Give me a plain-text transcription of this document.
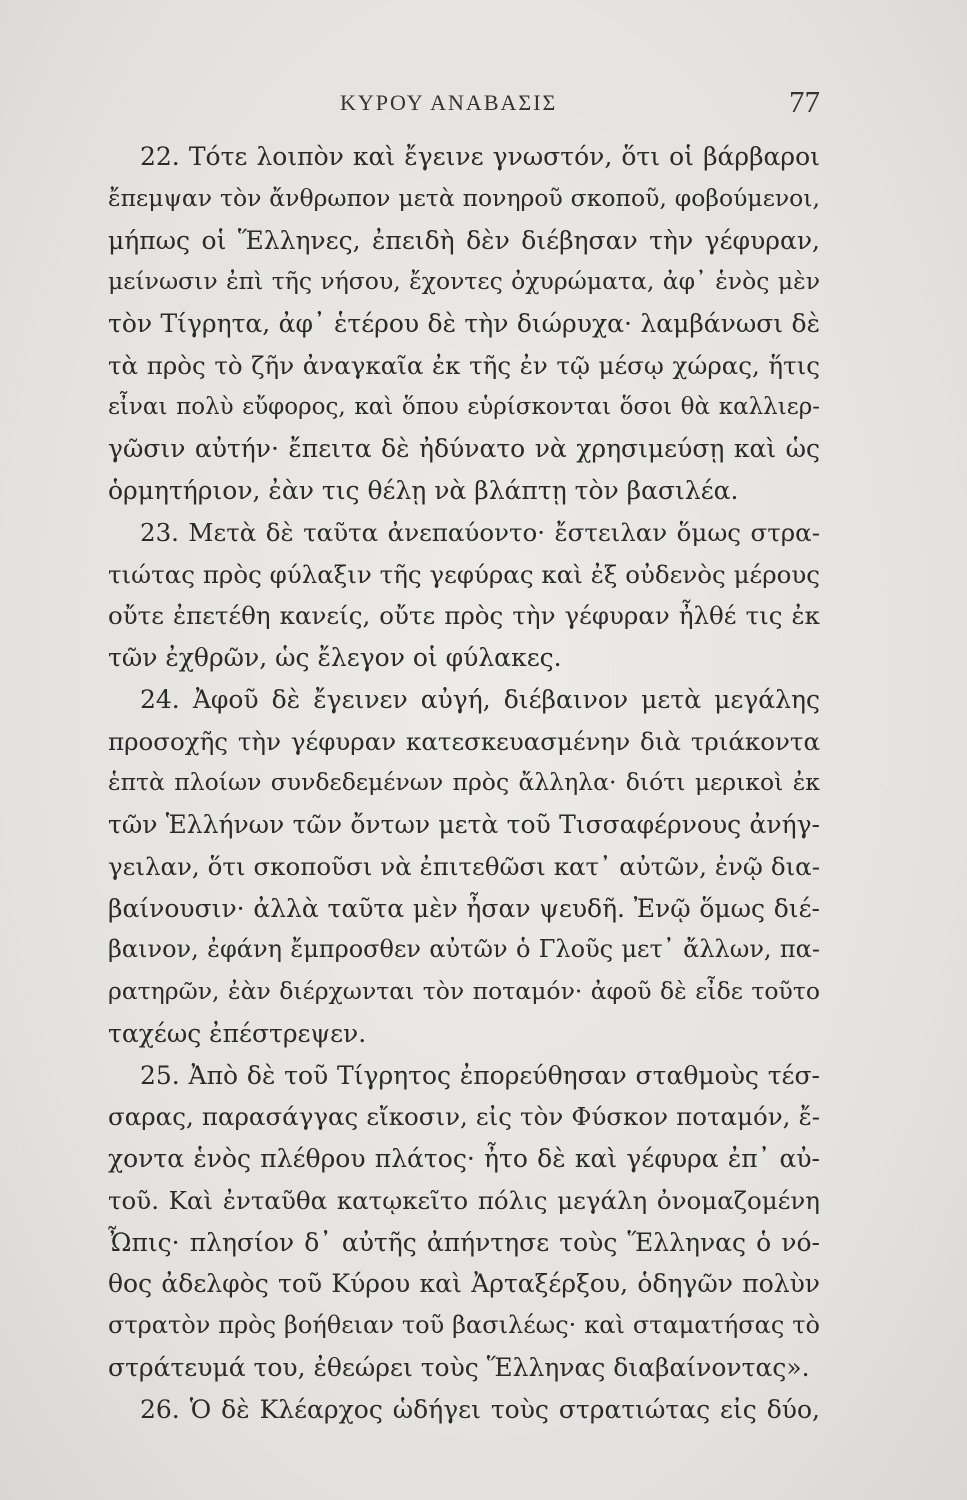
ΚΥΡΟΥ ΑΝΑΒΑΣΙΣ	77
22. Τότε λοιπὸν καὶ ἔγεινε γνωστόν, ὅτι οἱ βάρβαροι
ἔπεμψαν τὸν ἄνθρωπον μετὰ πονηροῦ σκοποῦ, φοβούμενοι,
μήπως οἱ Ἕλληνες, ἐπειδὴ δὲν διέβησαν τὴν γέφυραν,
μείνωσιν ἐπὶ τῆς νήσου, ἔχοντες ὀχυρώματα, ἀφ᾽ ἑνὸς μὲν
τὸν Τίγρητα, ἀφ᾽ ἑτέρου δὲ τὴν διώρυχα· λαμβάνωσι δὲ
τὰ πρὸς τὸ ζῆν ἀναγκαῖα ἐκ τῆς ἐν τῷ μέσῳ χώρας, ἥτις
εἶναι πολὺ εὔφορος, καὶ ὅπου εὑρίσκονται ὅσοι θὰ καλλιερ-
γῶσιν αὐτήν· ἔπειτα δὲ ἠδύνατο νὰ χρησιμεύσῃ καὶ ὡς
ὁρμητήριον, ἐὰν τις θέλῃ νὰ βλάπτῃ τὸν βασιλέα.
23. Μετὰ δὲ ταῦτα ἀνεπαύοντο· ἔστειλαν ὅμως στρα-
τιώτας πρὸς φύλαξιν τῆς γεφύρας καὶ ἐξ οὐδενὸς μέρους
οὔτε ἐπετέθη κανείς, οὔτε πρὸς τὴν γέφυραν ἦλθέ τις ἐκ
τῶν ἐχθρῶν, ὡς ἔλεγον οἱ φύλακες.
24. Ἀφοῦ δὲ ἔγεινεν αὐγή, διέβαινον μετὰ μεγάλης
προσοχῆς τὴν γέφυραν κατεσκευασμένην διὰ τριάκοντα
ἑπτὰ πλοίων συνδεδεμένων πρὸς ἄλληλα· διότι μερικοὶ ἐκ
τῶν Ἑλλήνων τῶν ὄντων μετὰ τοῦ Τισσαφέρνους ἀνήγ-
γειλαν, ὅτι σκοποῦσι νὰ ἐπιτεθῶσι κατ᾽ αὐτῶν, ἐνῷ δια-
βαίνουσιν· ἀλλὰ ταῦτα μὲν ἦσαν ψευδῆ. Ἐνῷ ὅμως διέ-
βαινον, ἐφάνη ἔμπροσθεν αὐτῶν ὁ Γλοῦς μετ᾽ ἄλλων, πα-
ρατηρῶν, ἐὰν διέρχωνται τὸν ποταμόν· ἀφοῦ δὲ εἶδε τοῦτο
ταχέως ἐπέστρεψεν.
25. Ἀπὸ δὲ τοῦ Τίγρητος ἐπορεύθησαν σταθμοὺς τέσ-
σαρας, παρασάγγας εἴκοσιν, εἰς τὸν Φύσκον ποταμόν, ἔ-
χοντα ἑνὸς πλέθρου πλάτος· ἦτο δὲ καὶ γέφυρα ἐπ᾽ αὐ-
τοῦ. Καὶ ἐνταῦθα κατῳκεῖτο πόλις μεγάλη ὀνομαζομένη
Ὦπις· πλησίον δ᾽ αὐτῆς ἀπήντησε τοὺς Ἕλληνας ὁ νό-
θος ἀδελφὸς τοῦ Κύρου καὶ Ἀρταξέρξου, ὁδηγῶν πολὺν
στρατὸν πρὸς βοήθειαν τοῦ βασιλέως· καὶ σταματήσας τὸ
στράτευμά του, ἐθεώρει τοὺς Ἕλληνας διαβαίνοντας».
26. Ὁ δὲ Κλέαρχος ὡδήγει τοὺς στρατιώτας εἰς δύο,
